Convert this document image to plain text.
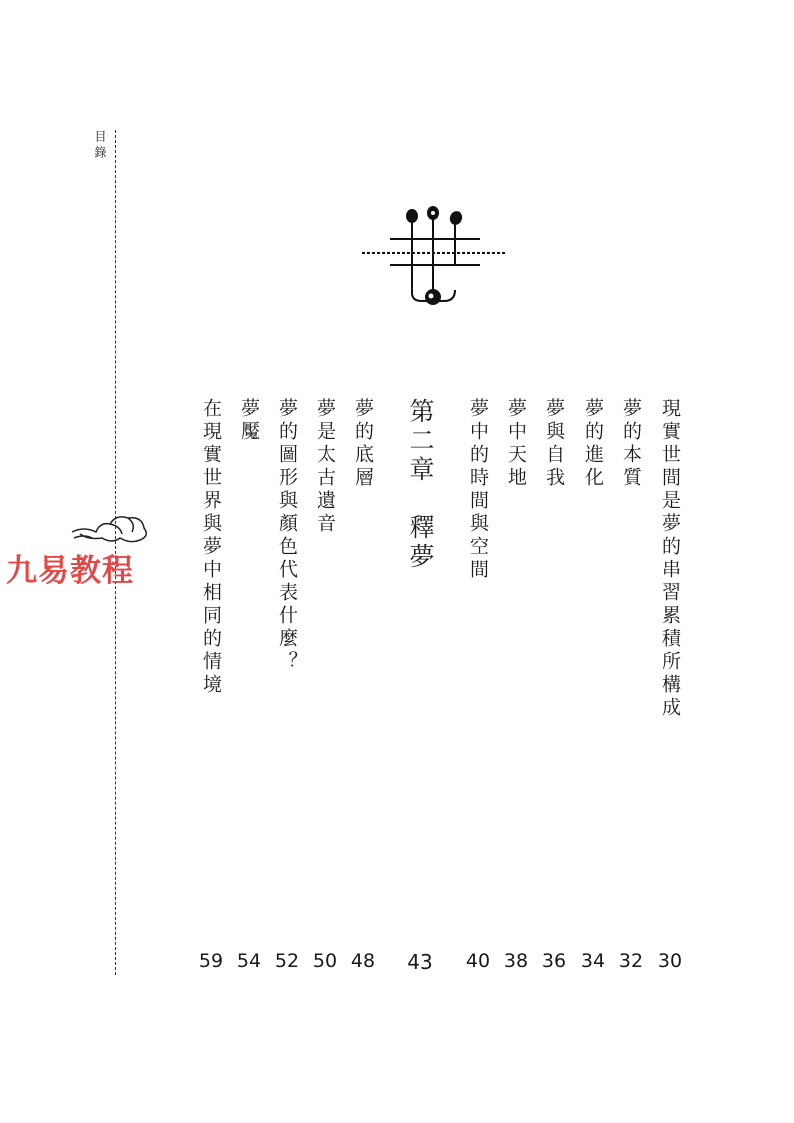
目錄
九易教程	現實世間是夢的串習累積所構成
30
夢的本質
32
夢的進化
34
夢與自我
36
夢中天地
38
夢中的時間與空間
40
第二章　釋夢
43
夢的底層
48
夢是太古遺音
50
夢的圖形與顏色代表什麼？
52
夢魘
54
在現實世界與夢中相同的情境
59
